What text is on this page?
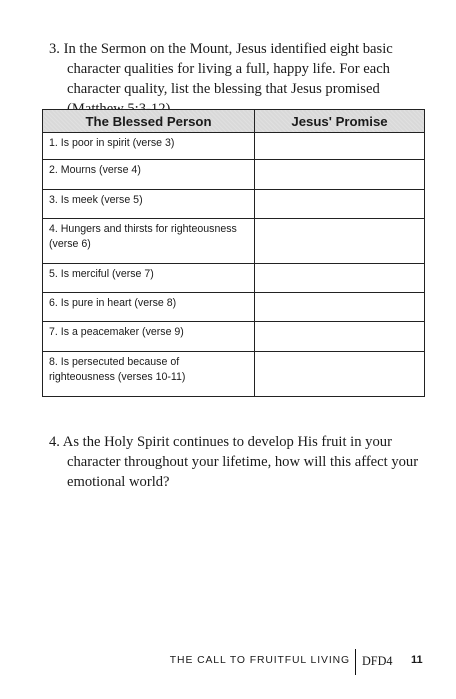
3. In the Sermon on the Mount, Jesus identified eight basic character qualities for living a full, happy life. For each character quality, list the blessing that Jesus promised

The Blessed Person	Jesus' Promise
1. Is poor in spirit (verse 3)	
2. Mourns (verse 4)	
3. Is meek (verse 5)	
4. Hungers and thirsts for righteousness (verse 6)	
5. Is merciful (verse 7)	
6. Is pure in heart (verse 8)	
7. Is a peacemaker (verse 9)	
8. Is persecuted because of righteousness (verses 10-11)	

4. As the Holy Spirit continues to develop His fruit in your character throughout your lifetime, how will this affect your emotional world?

THE CALL TO FRUITFUL LIVING DFD4 11
